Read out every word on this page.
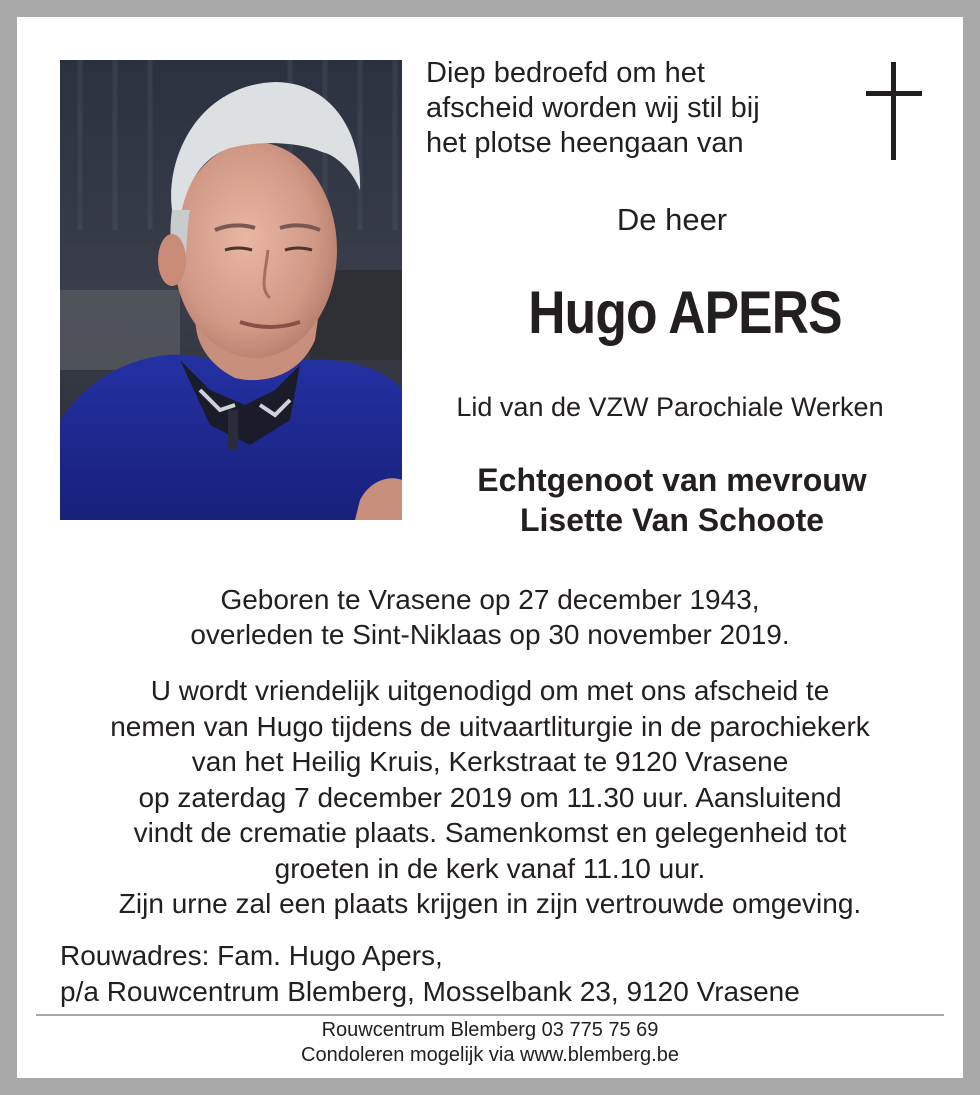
Diep bedroefd om het
afscheid worden wij stil bij
het plotse heengaan van
De heer
Hugo APERS
Lid van de VZW Parochiale Werken
Echtgenoot van mevrouw
Lisette Van Schoote
Geboren te Vrasene op 27 december 1943,
overleden te Sint-Niklaas op 30 november 2019.
U wordt vriendelijk uitgenodigd om met ons afscheid te
nemen van Hugo tijdens de uitvaartliturgie in de parochiekerk
van het Heilig Kruis, Kerkstraat te 9120 Vrasene
op zaterdag 7 december 2019 om 11.30 uur. Aansluitend
vindt de crematie plaats. Samenkomst en gelegenheid tot
groeten in de kerk vanaf 11.10 uur.
Zijn urne zal een plaats krijgen in zijn vertrouwde omgeving.
Rouwadres: Fam. Hugo Apers,
p/a Rouwcentrum Blemberg, Mosselbank 23, 9120 Vrasene
Rouwcentrum Blemberg 03 775 75 69
Condoleren mogelijk via www.blemberg.be
